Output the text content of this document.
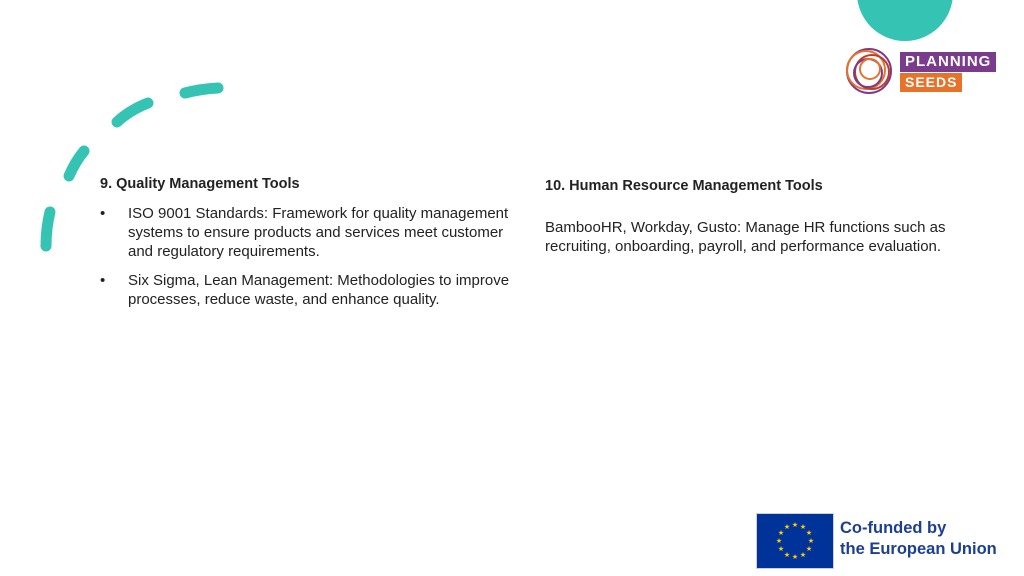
PLANNING
SEEDS
9. Quality Management Tools
• ISO 9001 Standards: Framework for quality management systems to ensure products and services meet customer and regulatory requirements.
• Six Sigma, Lean Management: Methodologies to improve processes, reduce waste, and enhance quality.
10. Human Resource Management Tools
BambooHR, Workday, Gusto: Manage HR functions such as recruiting, onboarding, payroll, and performance evaluation.
★ ★
★
★
★
★
★
★
★
★
★
★	Co-funded by
the European Union
